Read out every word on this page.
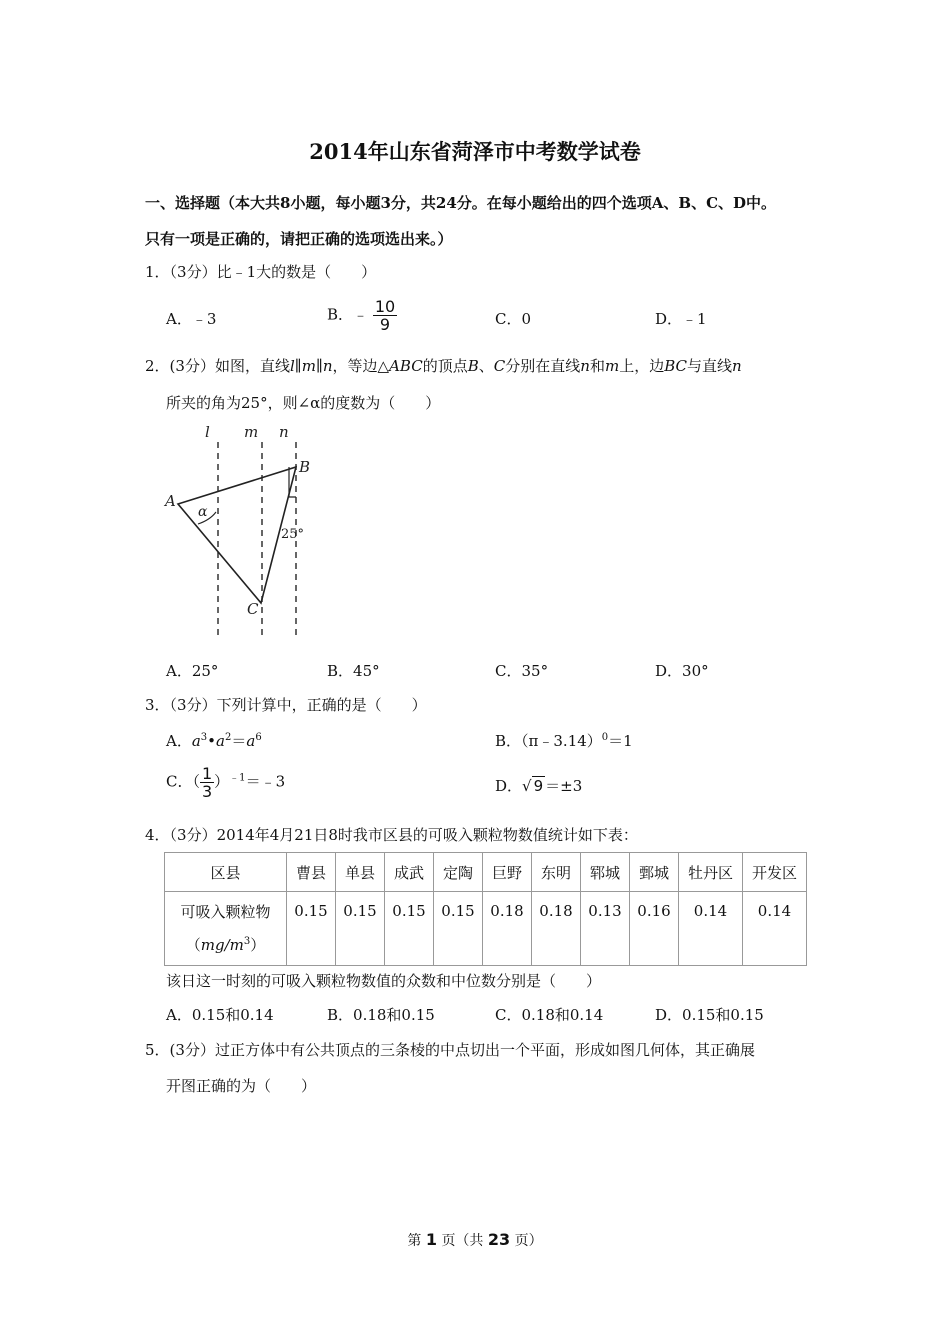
2014年山东省菏泽市中考数学试卷
一、选择题（本大共8小题，每小题3分，共24分。在每小题给出的四个选项A、B、C、D中。
只有一项是正确的，请把正确的选项选出来。）
1．（3分）比﹣1大的数是（　　）
A．﹣3	B．﹣ $\frac{10}{9}$	C．0	D．﹣1
2．(3分）如图，直线l∥m∥n，等边△ABC的顶点B、C分别在直线n和m上，边BC与直线n
所夹的角为25°，则∠α的度数为（　　）
l m n
A
B
C
α
25°
A．25°	B．45°	C．35°	D．30°
3．（3分）下列计算中，正确的是（　　）
A．$a^3•a^2=a^6$	B．（π﹣3.14）$^0$＝1
C．（ $\frac{1}{3}$ ）$^{﹣1}$＝﹣3	D．√ 9 ＝±3
4．（3分）2014年4月21日8时我市区县的可吸入颗粒物数值统计如下表：
区县	曹县	单县	成武	定陶	巨野	东明	郓城	鄄城	牡丹区	开发区

可吸入颗粒物
$(mg/m^3)$	0.15	0.15	0.15	0.15	0.18	0.18	0.13	0.16	0.14	0.14
该日这一时刻的可吸入颗粒物数值的众数和中位数分别是（　　）
A．0.15和0.14	B．0.18和0.15	C．0.18和0.14	D．0.15和0.15
5．(3分）过正方体中有公共顶点的三条棱的中点切出一个平面，形成如图几何体，其正确展
开图正确的为（　　）
第 1 页（共 23 页）
